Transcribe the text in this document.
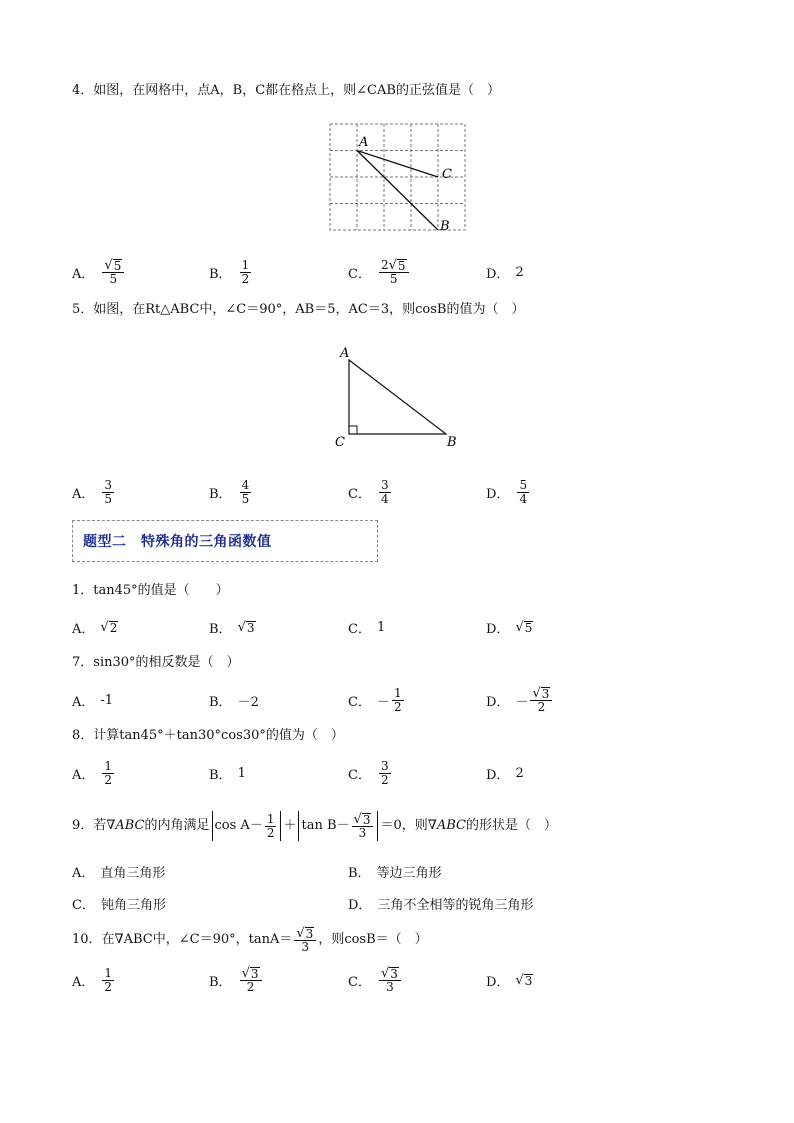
4．如图，在网格中，点A，B，C都在格点上，则∠CAB的正弦值是（　）
A
C
B
A． $\frac{√ 5}{5}$	B． $\frac{1}{2}$	C． $\frac{2 √ 5}{5}$	D． 2
5．如图，在Rt△ABC中，∠C＝90°，AB＝5，AC＝3，则cosB的值为（　）
A
C	B
A． $\frac{3}{5}$	B． $\frac{4}{5}$	C． $\frac{3}{4}$	D． $\frac{5}{4}$
题型二　特殊角的三角函数值
1．tan45°的值是（　　）
A． √ 2	B． √ 3	C． 1	D． √ 5
7．sin30°的相反数是（　）
A． -1	B． －2	C． － $\frac{1}{2}$	D． － $\frac{√ 3}{2}$
8．计算tan45°＋tan30°cos30°的值为（　）
A． $\frac{1}{2}$	B． 1	C． $\frac{3}{2}$	D． 2
9．若 ∇ABC 的内角满足 $\cos A- \frac{1}{2} + \tan B- \frac{√ 3}{3} =0$，则 ∇ABC 的形状是（　）
A． 直角三角形	B． 等边三角形
C． 钝角三角形	D． 三角不全相等的锐角三角形
10．在∇ABC中，∠C＝90°，$\tan A= \frac{√ 3}{3}$ ，则cosB＝（　）
A． $\frac{1}{2}$	B． $\frac{√ 3}{2}$	C． $\frac{√ 3}{3}$	D． √ 3
